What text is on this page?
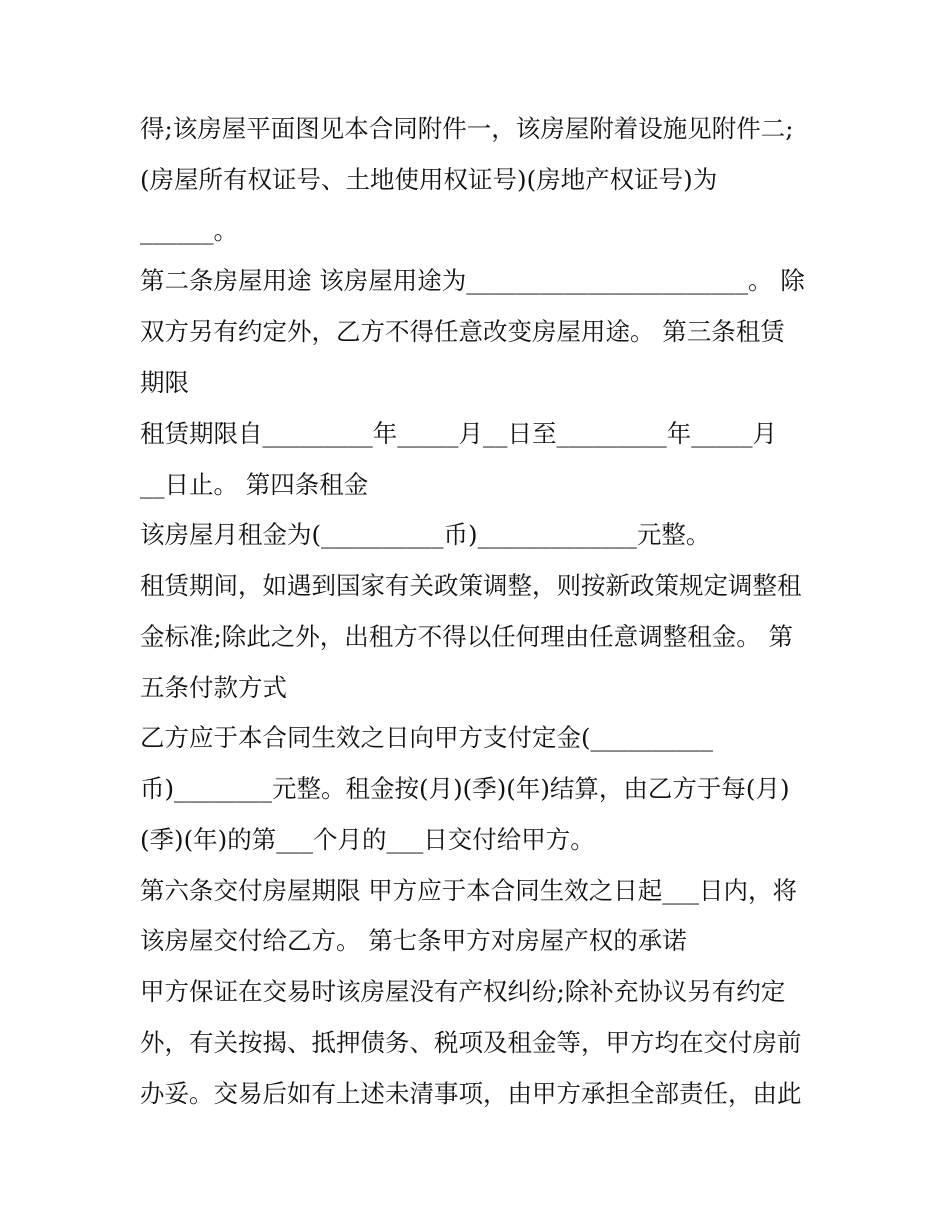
得;该房屋平面图见本合同附件一，该房屋附着设施见附件二;
(房屋所有权证号、土地使用权证号)(房地产权证号)为
______。
第二条房屋用途 该房屋用途为_______________________。 除
双方另有约定外，乙方不得任意改变房屋用途。 第三条租赁
期限
租赁期限自_________年_____月__日至_________年_____月
__日止。 第四条租金
该房屋月租金为(__________币)_____________元整。
租赁期间，如遇到国家有关政策调整，则按新政策规定调整租
金标准;除此之外，出租方不得以任何理由任意调整租金。 第
五条付款方式
乙方应于本合同生效之日向甲方支付定金(__________
币)________元整。租金按(月)(季)(年)结算，由乙方于每(月)
(季)(年)的第___个月的___日交付给甲方。
第六条交付房屋期限 甲方应于本合同生效之日起___日内，将
该房屋交付给乙方。 第七条甲方对房屋产权的承诺
甲方保证在交易时该房屋没有产权纠纷;除补充协议另有约定
外，有关按揭、抵押债务、税项及租金等，甲方均在交付房前
办妥。交易后如有上述未清事项，由甲方承担全部责任，由此
